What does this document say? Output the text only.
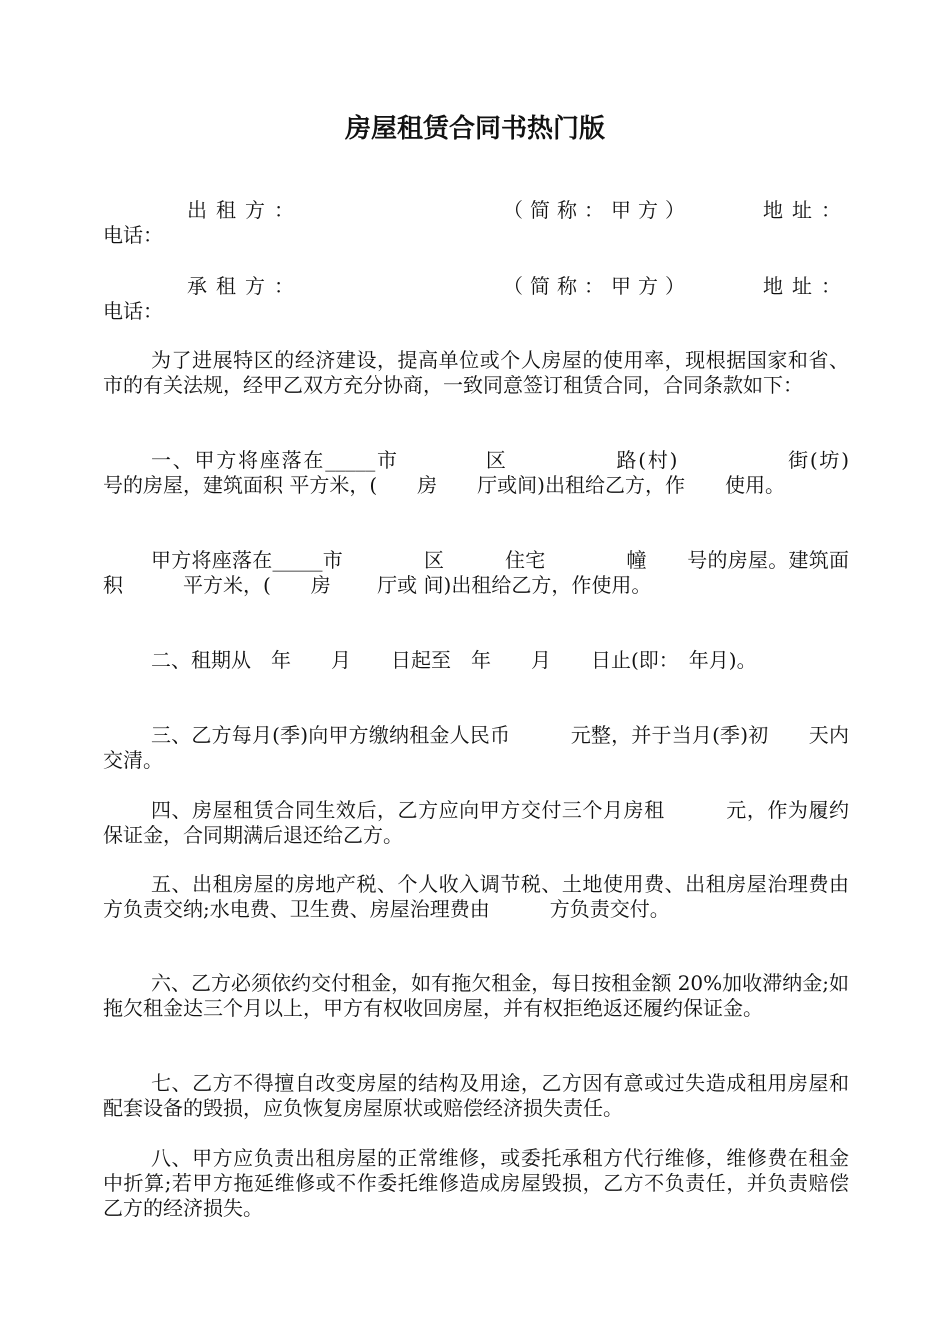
房屋租赁合同书热门版
出租方：	（简称：甲方）	地址：
电话：
承租方：	（简称：甲方）	地址：
电话：

为了进展特区的经济建设，提高单位或个人房屋的使用率，现根据国家和省、市的有关法规，经甲乙双方充分协商，一致同意签订租赁合同，合同条款如下：

一、甲方将座落在_____市　　　　区　　　　　路(村)　　　　　街(坊)　　号的房屋，建筑面积 平方米，(　　房　　厅或间)出租给乙方，作　　使用。

甲方将座落在_____市　　　　区　　　住宅　　　　幢　　号的房屋。建筑面积　　　平方米，(　　房　　 厅或 间)出租给乙方，作使用。

二、租期从　年　　月　　日起至　年　　月　　日止(即：　年月)。

三、乙方每月(季)向甲方缴纳租金人民币　　　元整，并于当月(季)初　　天内交清。

四、房屋租赁合同生效后，乙方应向甲方交付三个月房租　　　元，作为履约保证金，合同期满后退还给乙方。

五、出租房屋的房地产税、个人收入调节税、土地使用费、出租房屋治理费由　　方负责交纳;水电费、卫生费、房屋治理费由　　　方负责交付。

六、乙方必须依约交付租金，如有拖欠租金，每日按租金额 20%加收滞纳金;如拖欠租金达三个月以上，甲方有权收回房屋，并有权拒绝返还履约保证金。

七、乙方不得擅自改变房屋的结构及用途，乙方因有意或过失造成租用房屋和配套设备的毁损，应负恢复房屋原状或赔偿经济损失责任。

八、甲方应负责出租房屋的正常维修，或委托承租方代行维修，维修费在租金中折算;若甲方拖延维修或不作委托维修造成房屋毁损，乙方不负责任，并负责赔偿乙方的经济损失。
